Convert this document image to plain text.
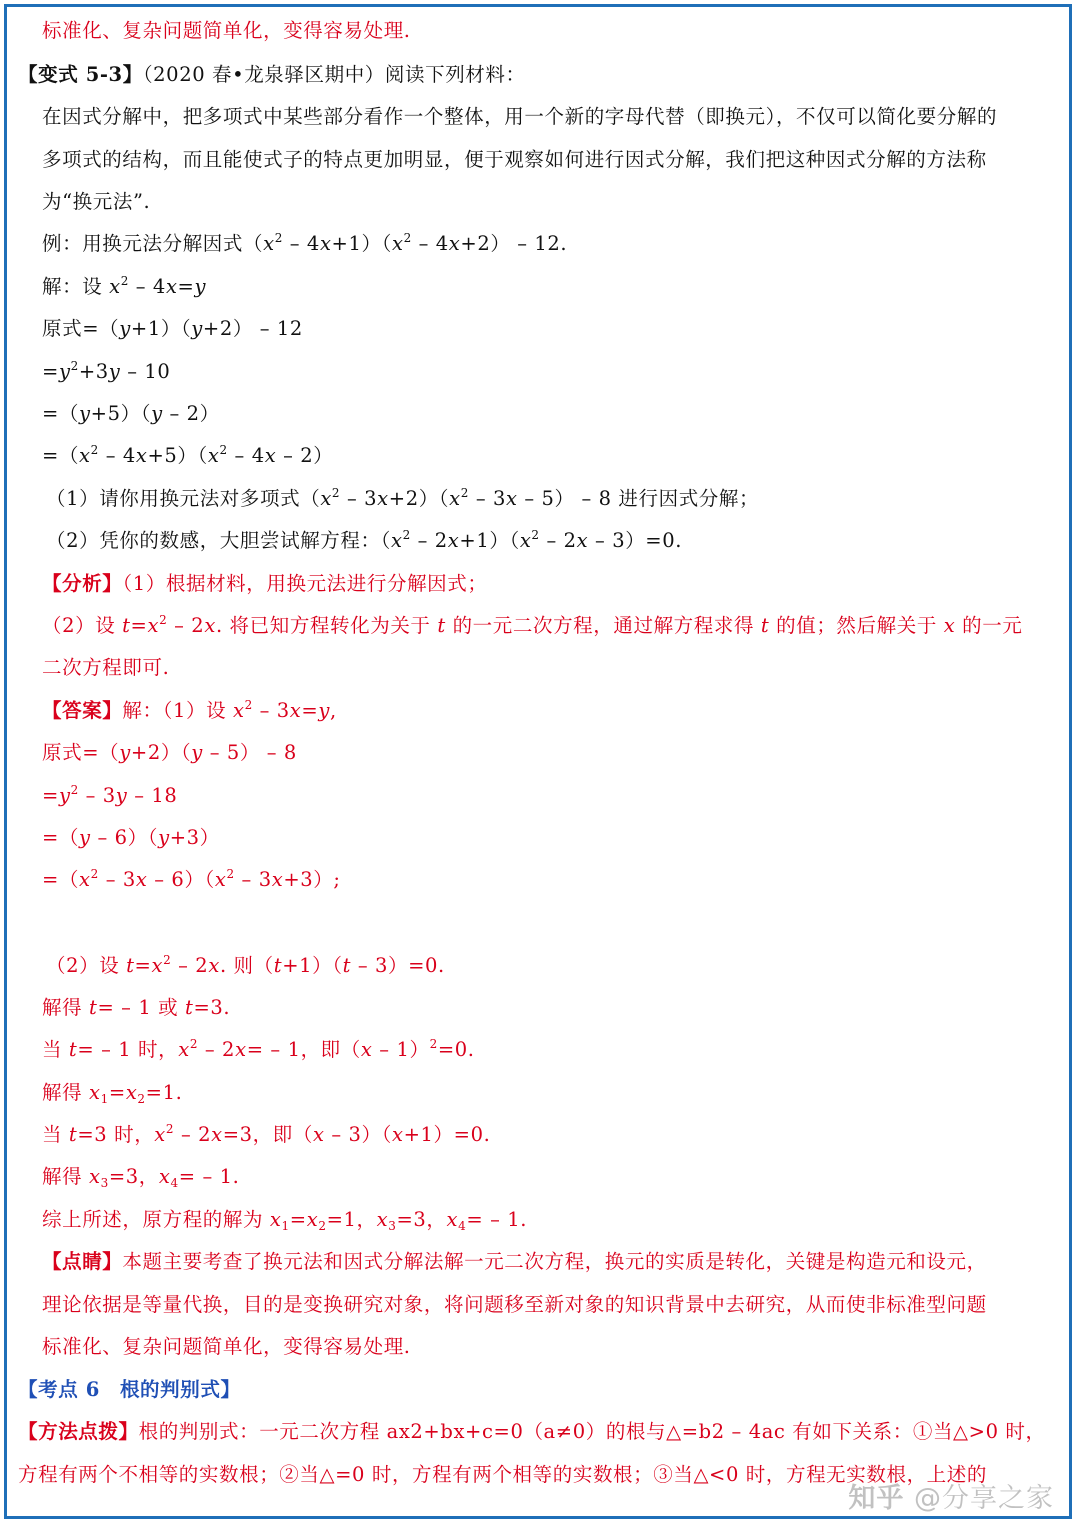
标准化、复杂问题简单化，变得容易处理.
【变式 5-3】（2020 春•龙泉驿区期中）阅读下列材料：
在因式分解中，把多项式中某些部分看作一个整体，用一个新的字母代替（即换元），不仅可以简化要分解的
多项式的结构，而且能使式子的特点更加明显，便于观察如何进行因式分解，我们把这种因式分解的方法称
为“换元法”.
例：用换元法分解因式$(x^2 - 4x+1)(x^2 - 4x+2) - 12$.
解：设 $x^2 - 4x=y$
原式=（y+1）（y+2） – 12
$=y^2+3y - 10$
=（y+5）（y – 2）
$=(x^2 - 4x+5)(x^2 - 4x - 2)$
（1）请你用换元法对多项式$(x^2 - 3x+2)(x^2 - 3x - 5) - 8$ 进行因式分解；
（2）凭你的数感，大胆尝试解方程：$(x^2 - 2x+1)(x^2 - 2x - 3)=0$.
【分析】（1）根据材料，用换元法进行分解因式；
（2）设 $t=x^2 - 2x$. 将已知方程转化为关于 t 的一元二次方程，通过解方程求得 t 的值；然后解关于 x 的一元
二次方程即可.
【答案】解：（1）设 $x^2 - 3x=y$,
原式=（y+2）（y – 5） – 8
$=y^2 - 3y - 18$
=（y – 6）（y+3）
$=(x^2 - 3x - 6)(x^2 - 3x+3)$;
（2）设 $t=x^2 - 2x$. 则（t+1）（t – 3）=0.
解得 t= – 1 或 t=3.
当 t= – 1 时，$x^2 - 2x= - 1$，即（x – 1）$^2$=0.
解得 $x_1=x_2=1$.
当 t=3 时，$x^2 - 2x=3$，即（x – 3）（x+1）=0.
解得 $x_3=3$，$x_4= - 1$.
综上所述，原方程的解为 $x_1=x_2=1$，$x_3=3$，$x_4= - 1$.
【点睛】本题主要考查了换元法和因式分解法解一元二次方程，换元的实质是转化，关键是构造元和设元，
理论依据是等量代换，目的是变换研究对象，将问题移至新对象的知识背景中去研究，从而使非标准型问题
标准化、复杂问题简单化，变得容易处理.
【考点 6　根的判别式】
【方法点拨】根的判别式：一元二次方程 ax2+bx+c=0（a≠0）的根与△=b2 – 4ac 有如下关系：①当△>0 时，
方程有两个不相等的实数根；②当△=0 时，方程有两个相等的实数根；③当△<0 时，方程无实数根，上述的
知乎 @分享之家
